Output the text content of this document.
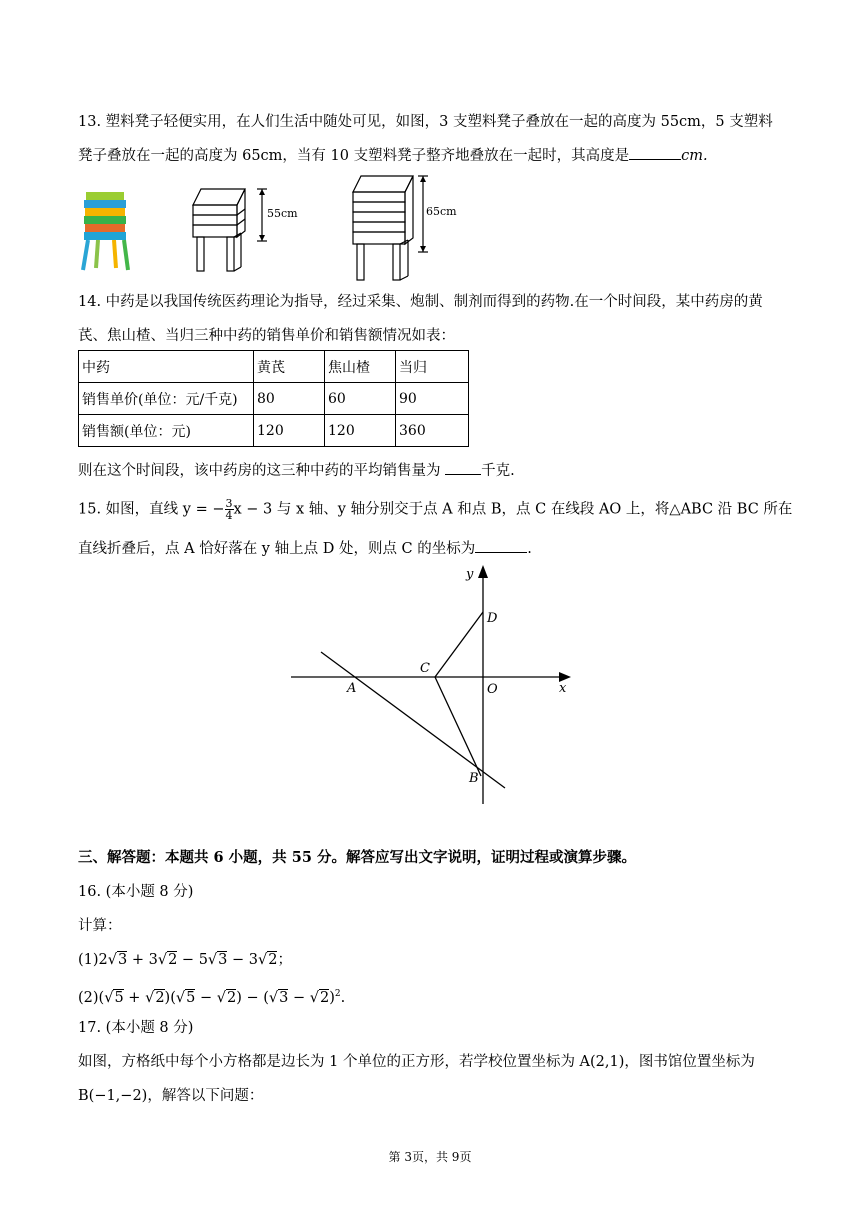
13. 塑料凳子轻便实用，在人们生活中随处可见，如图，3 支塑料凳子叠放在一起的高度为 55cm，5 支塑料
凳子叠放在一起的高度为 65cm，当有 10 支塑料凳子整齐地叠放在一起时，其高度是	cm.
55cm	65cm
14. 中药是以我国传统医药理论为指导，经过采集、炮制、制剂而得到的药物.在一个时间段，某中药房的黄
芪、焦山楂、当归三种中药的销售单价和销售额情况如表：
中药	黄芪	焦山楂	当归
销售单价(单位：元/千克)	80	60	90
销售额(单位：元)	120	120	360
则在这个时间段，该中药房的这三种中药的平均销售量为	千克.
15. 如图，直线 y = − $\frac{3}{4}$ x − 3 与 x 轴、y 轴分别交于点 A 和点 B，点 C 在线段 AO 上，将△ABC 沿 BC 所在
直线折叠后，点 A 恰好落在 y 轴上点 D 处，则点 C 的坐标为	.
y
x
D
C
A	O
B
三、解答题：本题共 6 小题，共 55 分。解答应写出文字说明，证明过程或演算步骤。
16. (本小题 8 分)
计算：
(1)2√3 + 3√2 − 5√3 − 3√2；
$(2)(√5 + √2)(√5 - √2) - (√3 - √2)^2$.
17. (本小题 8 分)
如图，方格纸中每个小方格都是边长为 1 个单位的正方形，若学校位置坐标为 A(2,1)，图书馆位置坐标为
B(−1,−2)，解答以下问题：
第 3页，共 9页
